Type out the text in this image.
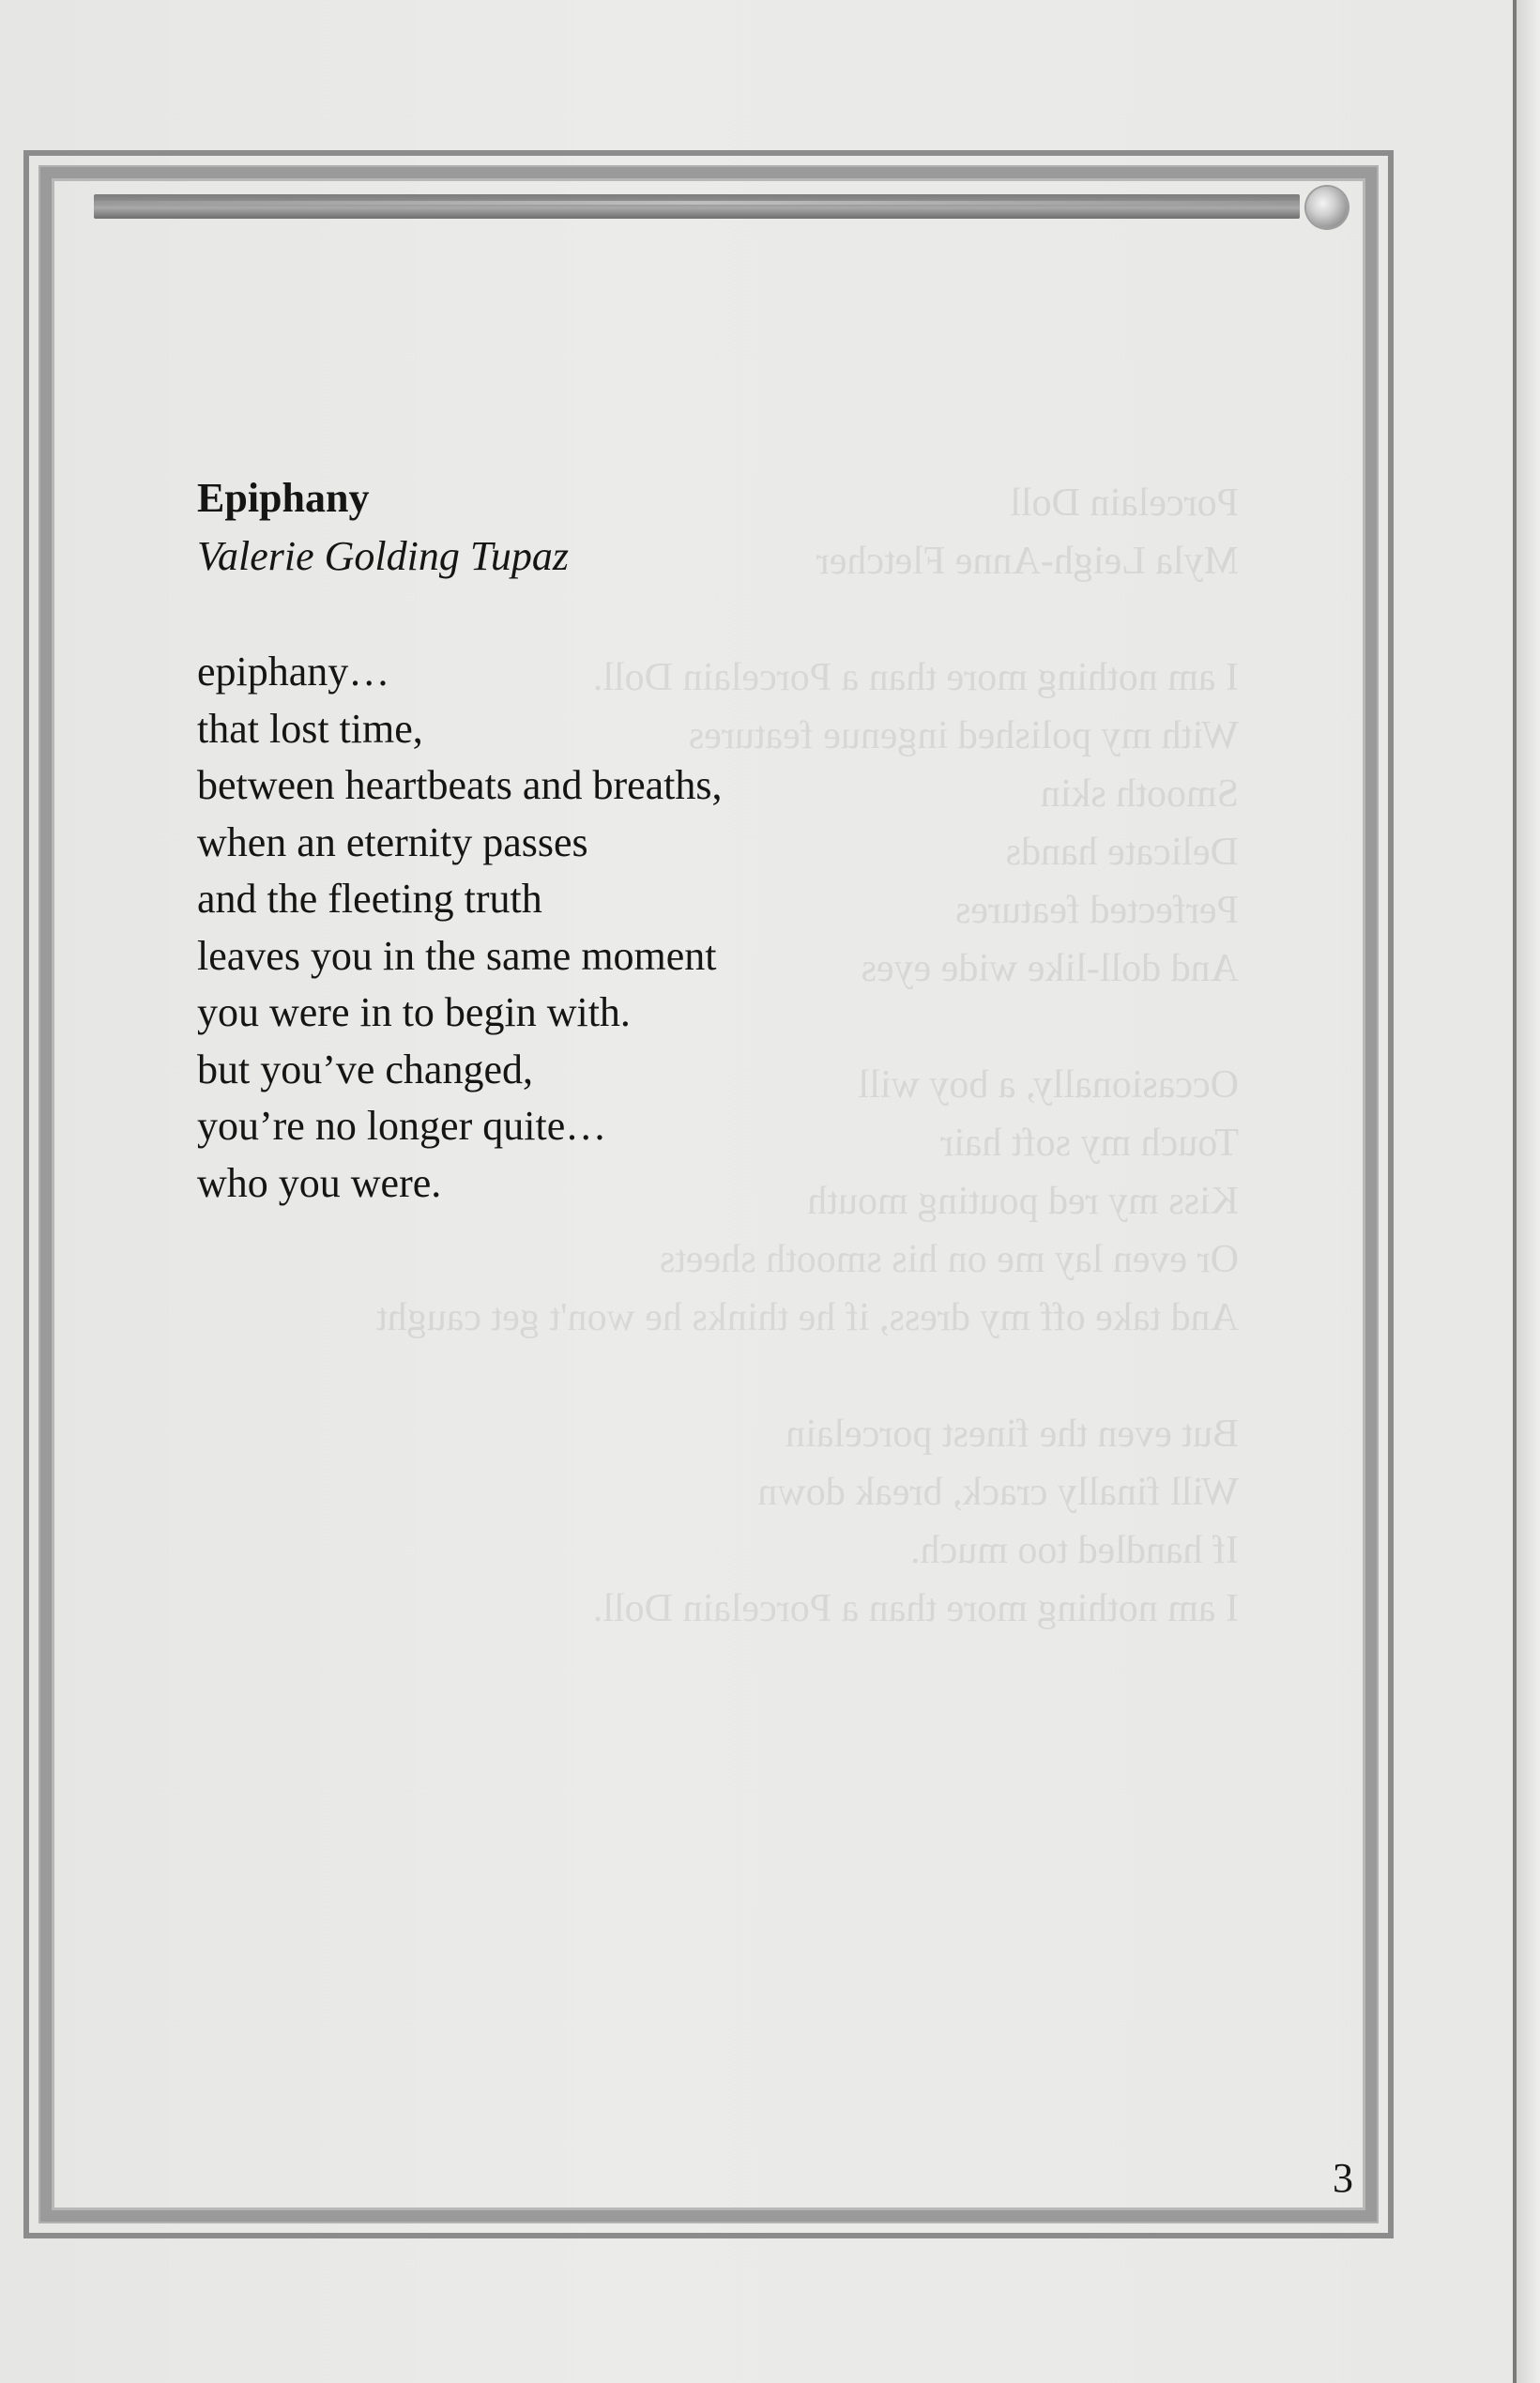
Epiphany

Valerie Golding Tupaz

epiphany…
that lost time,
between heartbeats and breaths,
when an eternity passes
and the fleeting truth
leaves you in the same moment
you were in to begin with.
but you’ve changed,
you’re no longer quite…
who you were.
3
